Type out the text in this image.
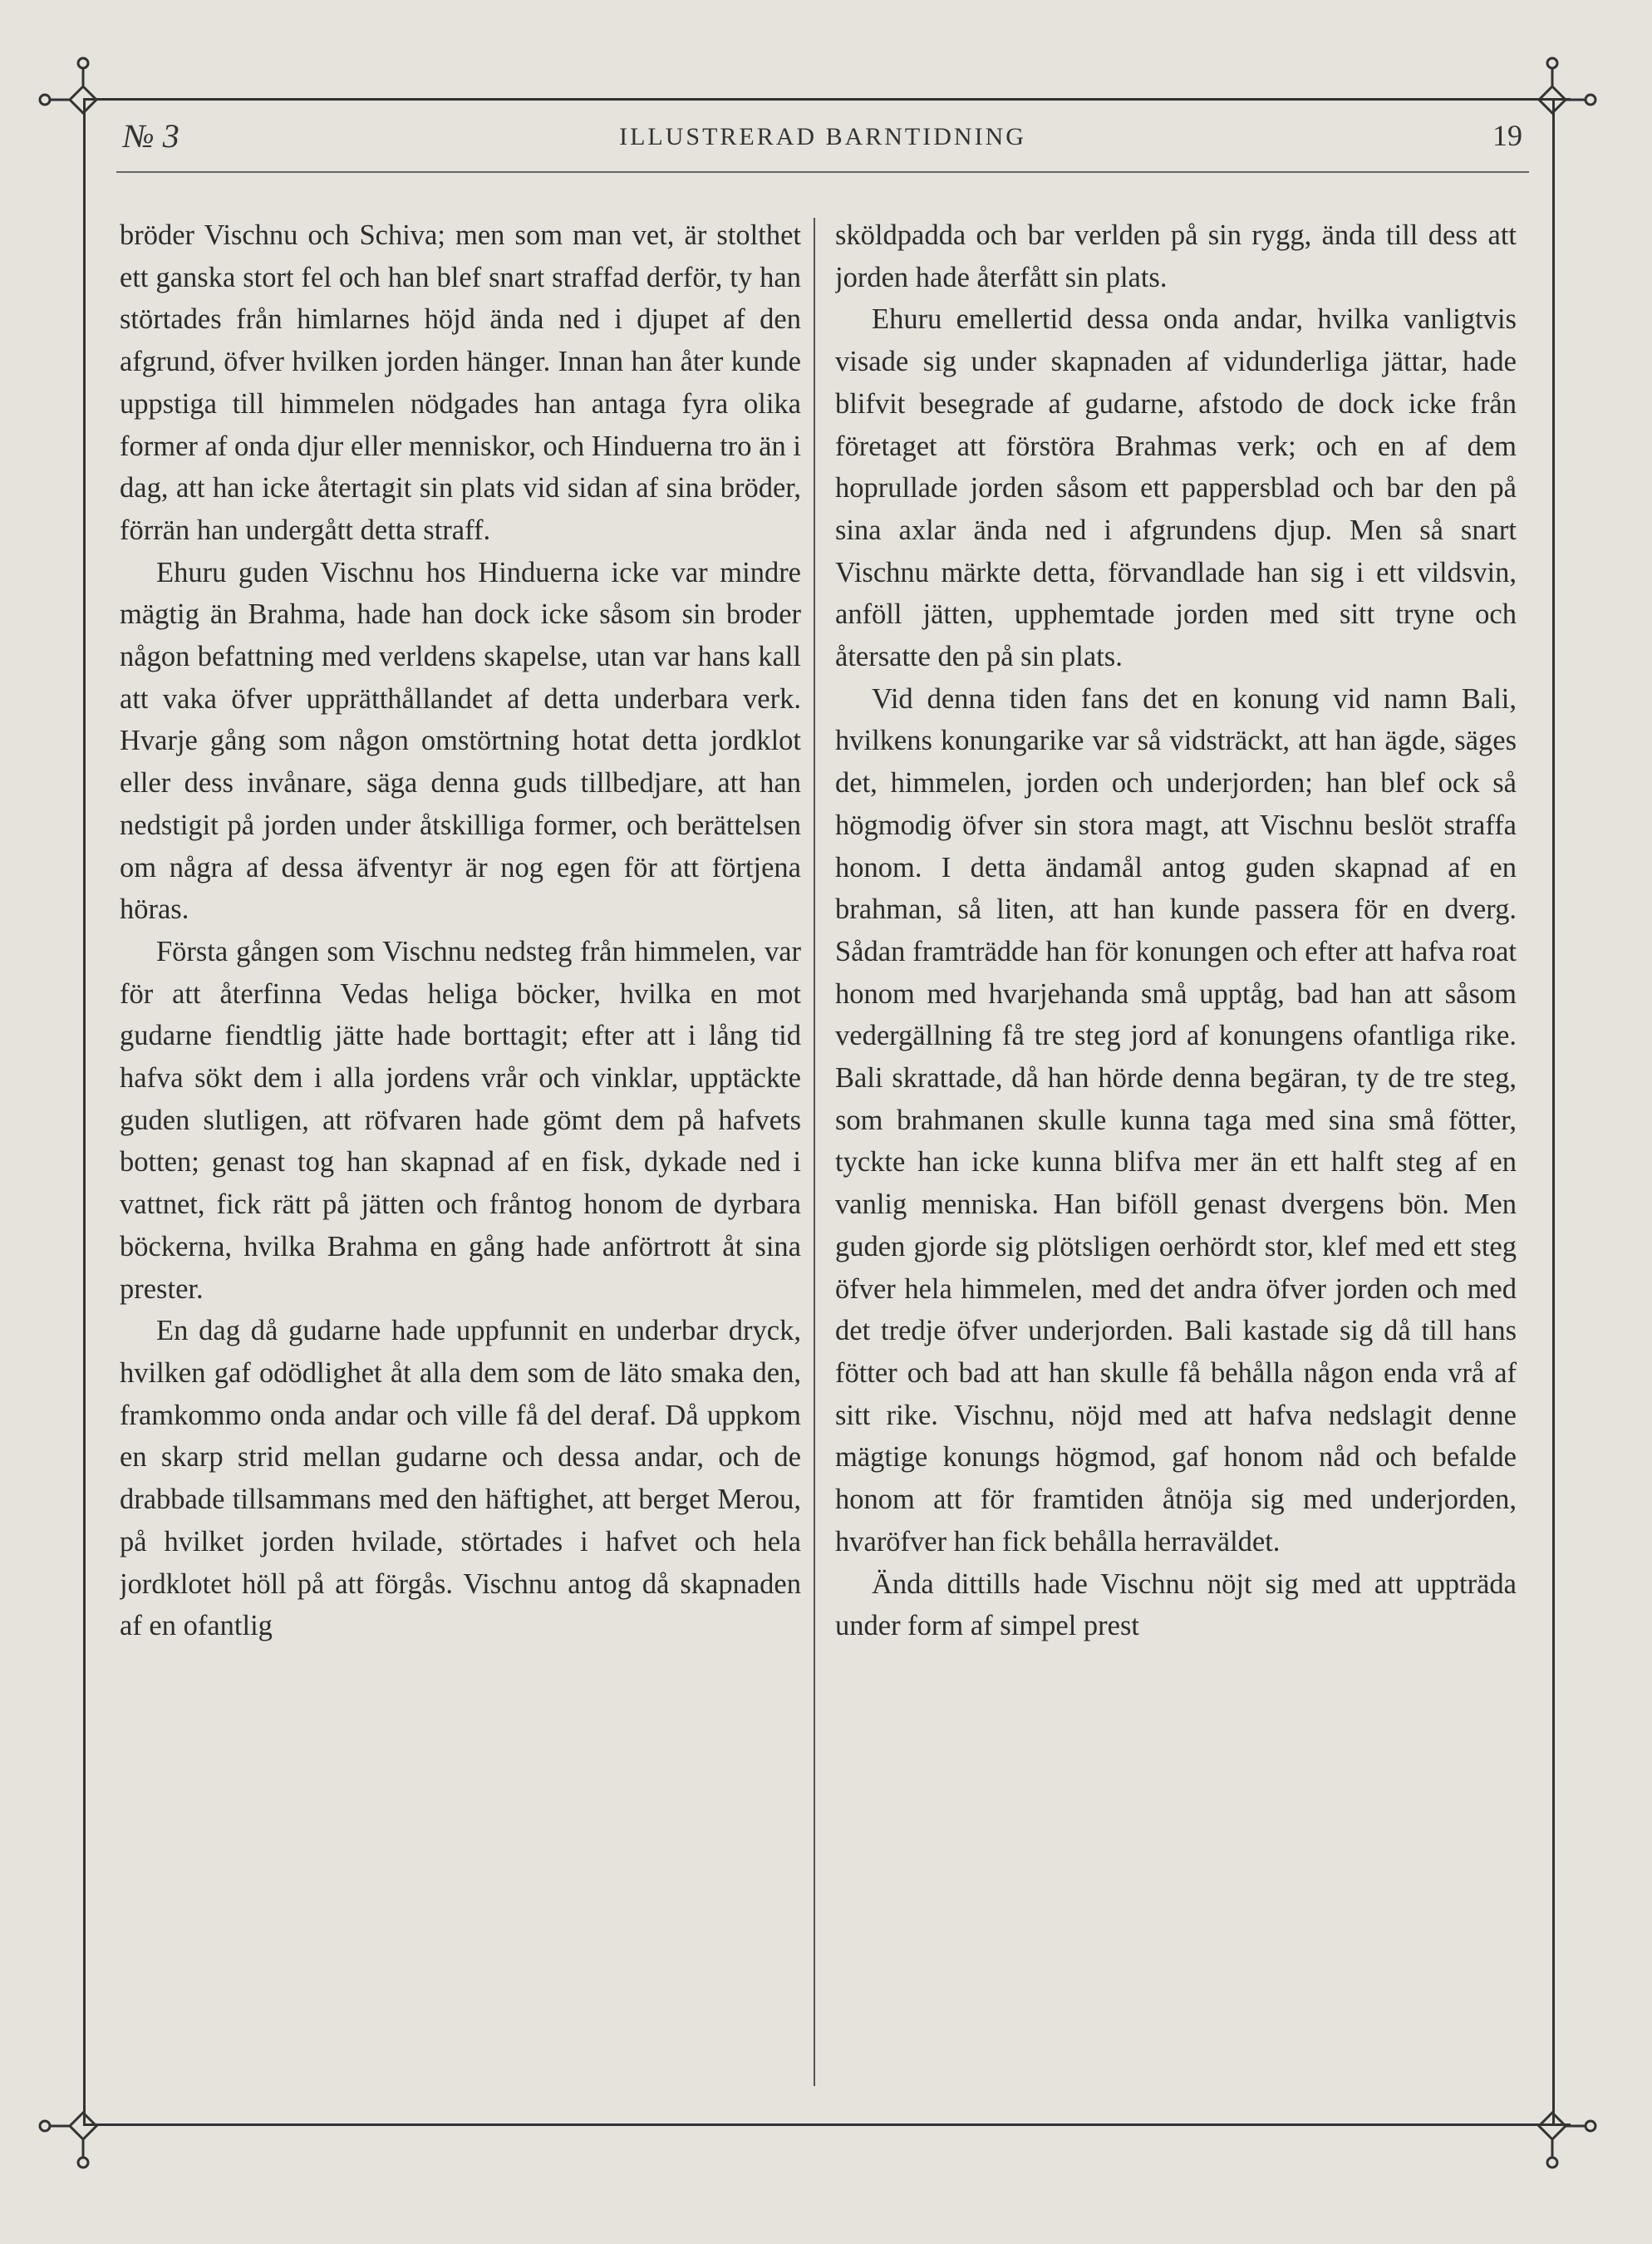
№ 3	ILLUSTRERAD BARNTIDNING	19

bröder Vischnu och Schiva; men som man vet, är stolthet ett ganska stort fel och han blef snart straffad derför, ty han störtades från himlarnes höjd ända ned i djupet af den afgrund, öfver hvilken jorden hänger. Innan han åter kunde uppstiga till himmelen nödgades han antaga fyra olika former af onda djur eller menniskor, och Hinduerna tro än i dag, att han icke återtagit sin plats vid sidan af sina bröder, förrän han undergått detta straff.

Ehuru guden Vischnu hos Hinduerna icke var mindre mägtig än Brahma, hade han dock icke såsom sin broder någon befattning med verldens skapelse, utan var hans kall att vaka öfver upprätthållandet af detta underbara verk. Hvarje gång som någon omstörtning hotat detta jordklot eller dess invånare, säga denna guds tillbedjare, att han nedstigit på jorden under åtskilliga former, och berättelsen om några af dessa äfventyr är nog egen för att förtjena höras.

Första gången som Vischnu nedsteg från himmelen, var för att återfinna Vedas heliga böcker, hvilka en mot gudarne fiendtlig jätte hade borttagit; efter att i lång tid hafva sökt dem i alla jordens vrår och vinklar, upptäckte guden slutligen, att röfvaren hade gömt dem på hafvets botten; genast tog han skapnad af en fisk, dykade ned i vattnet, fick rätt på jätten och fråntog honom de dyrbara böckerna, hvilka Brahma en gång hade anförtrott åt sina prester.

En dag då gudarne hade uppfunnit en underbar dryck, hvilken gaf odödlighet åt alla dem som de läto smaka den, framkommo onda andar och ville få del deraf. Då uppkom en skarp strid mellan gudarne och dessa andar, och de drabbade tillsammans med den häftighet, att berget Merou, på hvilket jorden hvilade, störtades i hafvet och hela jordklotet höll på att förgås. Vischnu antog då skapnaden af en ofantlig

sköldpadda och bar verlden på sin rygg, ända till dess att jorden hade återfått sin plats.

Ehuru emellertid dessa onda andar, hvilka vanligtvis visade sig under skapnaden af vidunderliga jättar, hade blifvit besegrade af gudarne, afstodo de dock icke från företaget att förstöra Brahmas verk; och en af dem hoprullade jorden såsom ett pappersblad och bar den på sina axlar ända ned i afgrundens djup. Men så snart Vischnu märkte detta, förvandlade han sig i ett vildsvin, anföll jätten, upphemtade jorden med sitt tryne och återsatte den på sin plats.

Vid denna tiden fans det en konung vid namn Bali, hvilkens konungarike var så vidsträckt, att han ägde, säges det, himmelen, jorden och underjorden; han blef ock så högmodig öfver sin stora magt, att Vischnu beslöt straffa honom. I detta ändamål antog guden skapnad af en brahman, så liten, att han kunde passera för en dverg. Sådan framträdde han för konungen och efter att hafva roat honom med hvarjehanda små upptåg, bad han att såsom vedergällning få tre steg jord af konungens ofantliga rike. Bali skrattade, då han hörde denna begäran, ty de tre steg, som brahmanen skulle kunna taga med sina små fötter, tyckte han icke kunna blifva mer än ett halft steg af en vanlig menniska. Han biföll genast dvergens bön. Men guden gjorde sig plötsligen oerhördt stor, klef med ett steg öfver hela himmelen, med det andra öfver jorden och med det tredje öfver underjorden. Bali kastade sig då till hans fötter och bad att han skulle få behålla någon enda vrå af sitt rike. Vischnu, nöjd med att hafva nedslagit denne mägtige konungs högmod, gaf honom nåd och befalde honom att för framtiden åtnöja sig med underjorden, hvaröfver han fick behålla herraväldet.

Ända dittills hade Vischnu nöjt sig med att uppträda under form af simpel prest
